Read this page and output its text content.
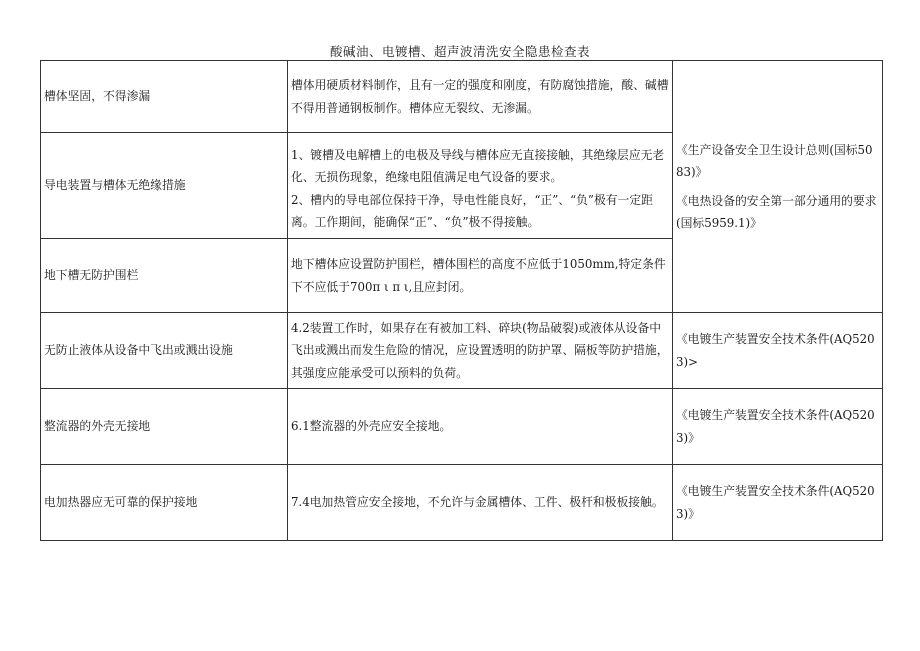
酸碱油、电镀槽、超声波清洗安全隐患检查表
槽体坚固，不得渗漏	槽体用硬质材料制作，且有一定的强度和刚度，有防腐蚀措施，酸、碱槽不得用普通钢板制作。槽体应无裂纹、无渗漏。	《生产设备安全卫生设计总则(国标5083)》
《电热设备的安全第一部分通用的要求(国标5959.1)》

导电装置与槽体无绝缘措施	1、镀槽及电解槽上的电极及导线与槽体应无直接接触，其绝缘层应无老化、无损伤现象，绝缘电阻值满足电气设备的要求。
2、槽内的导电部位保持干净，导电性能良好，“正”、“负”极有一定距离。工作期间，能确保“正”、“负”极不得接触。	

地下槽无防护围栏	地下槽体应设置防护围栏，槽体围栏的高度不应低于1050mm,特定条件下不应低于700π ι π ι,且应封闭。	

无防止液体从设备中飞出或溅出设施	4.2装置工作时，如果存在有被加工料、碎块(物品破裂)或液体从设备中飞出或溅出而发生危险的情况，应设置透明的防护罩、隔板等防护措施，其强度应能承受可以预料的负荷。	《电镀生产装置安全技术条件(AQ5203)>

整流器的外壳无接地	6.1整流器的外壳应安全接地。	《电镀生产装置安全技术条件(AQ5203)》

电加热器应无可靠的保护接地	7.4电加热管应安全接地，不允许与金属槽体、工件、极杆和极板接触。	《电镀生产装置安全技术条件(AQ5203)》
